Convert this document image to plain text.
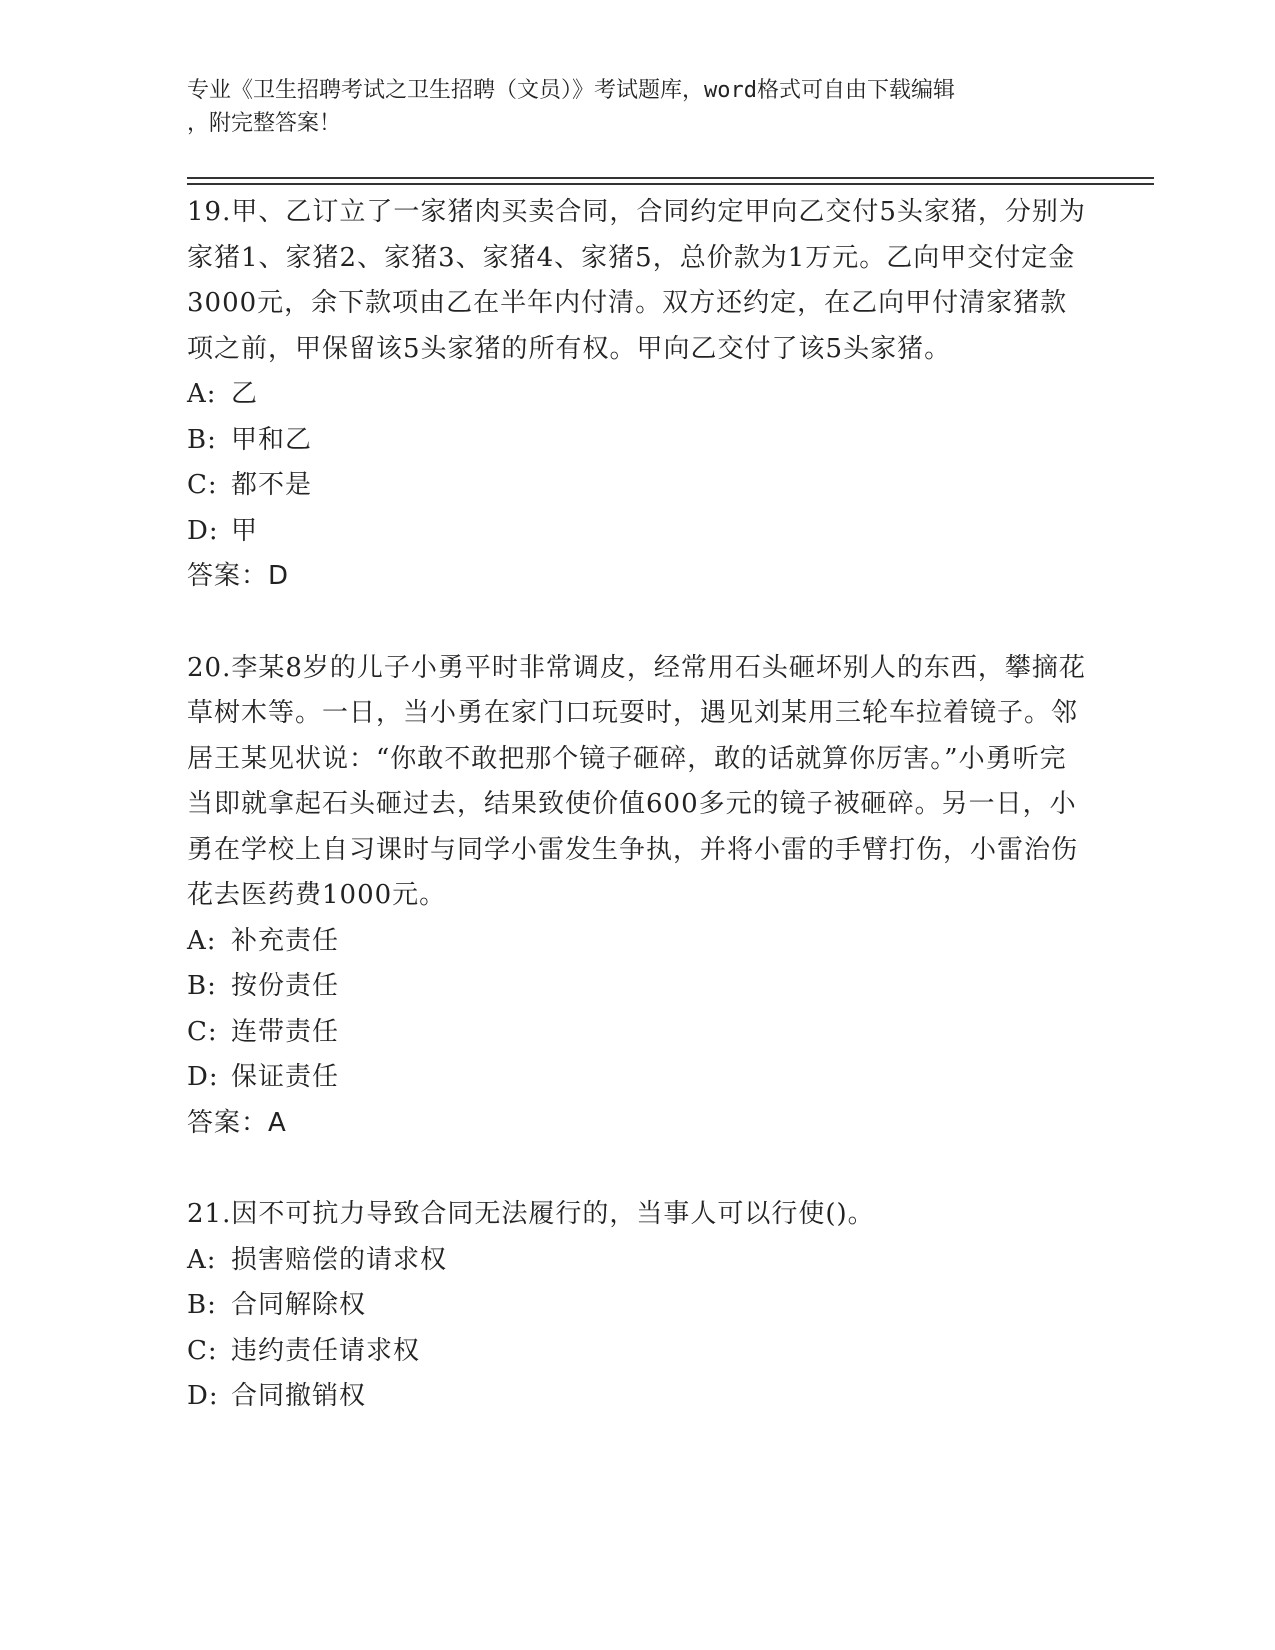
专业《卫生招聘考试之卫生招聘（文员）》考试题库，word格式可自由下载编辑
，附完整答案！

19.甲、乙订立了一家猪肉买卖合同，合同约定甲向乙交付5头家猪，分别为家猪1、家猪2、家猪3、家猪4、家猪5，总价款为1万元。乙向甲交付定金3000元，余下款项由乙在半年内付清。双方还约定，在乙向甲付清家猪款项之前，甲保留该5头家猪的所有权。甲向乙交付了该5头家猪。

A: 乙

B: 甲和乙

C: 都不是

D: 甲

答案：D

20.李某8岁的儿子小勇平时非常调皮，经常用石头砸坏别人的东西，攀摘花草树木等。一日，当小勇在家门口玩耍时，遇见刘某用三轮车拉着镜子。邻居王某见状说：“你敢不敢把那个镜子砸碎，敢的话就算你厉害。”小勇听完当即就拿起石头砸过去，结果致使价值600多元的镜子被砸碎。另一日，小勇在学校上自习课时与同学小雷发生争执，并将小雷的手臂打伤，小雷治伤花去医药费1000元。

A: 补充责任

B: 按份责任

C: 连带责任

D: 保证责任

答案：A

21.因不可抗力导致合同无法履行的，当事人可以行使()。

A: 损害赔偿的请求权

B: 合同解除权

C: 违约责任请求权

D: 合同撤销权
